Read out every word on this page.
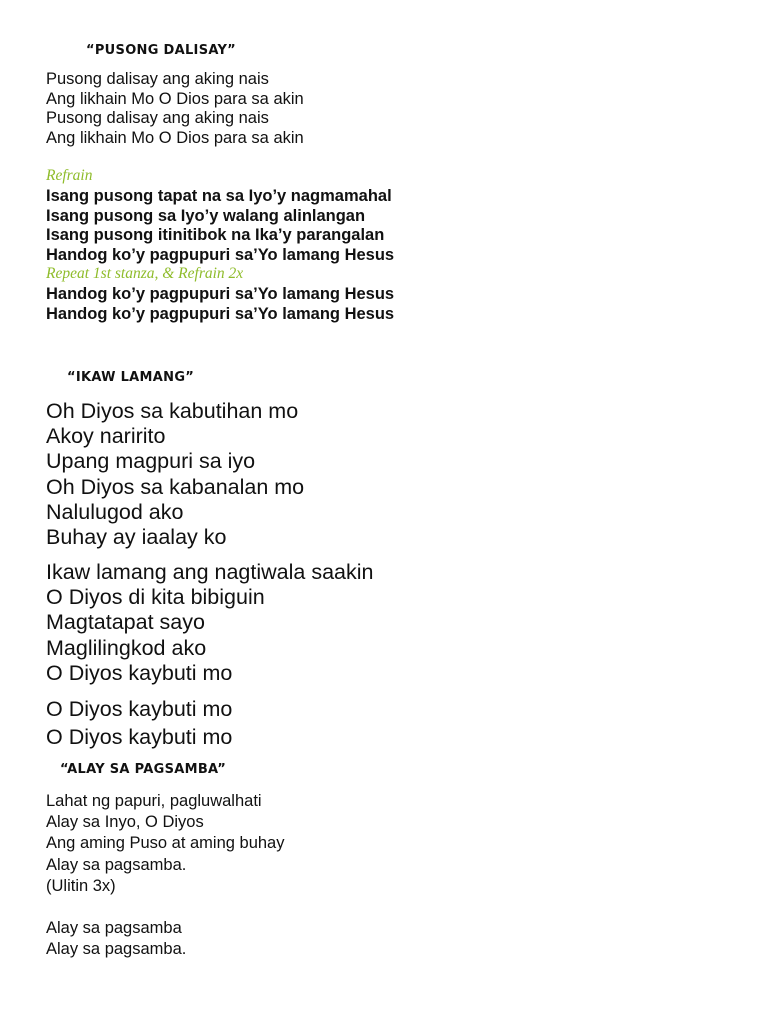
“PUSONG DALISAY”
Pusong dalisay ang aking nais
Ang likhain Mo O Dios para sa akin
Pusong dalisay ang aking nais
Ang likhain Mo O Dios para sa akin
Refrain
Isang pusong tapat na sa Iyo’y nagmamahal
Isang pusong sa Iyo’y walang alinlangan
Isang pusong itinitibok na Ika’y parangalan
Handog ko’y pagpupuri sa’Yo lamang Hesus
Repeat 1st stanza, & Refrain 2x
Handog ko’y pagpupuri sa’Yo lamang Hesus
Handog ko’y pagpupuri sa’Yo lamang Hesus
“IKAW LAMANG”
Oh Diyos sa kabutihan mo
Akoy naririto
Upang magpuri sa iyo
Oh Diyos sa kabanalan mo
Nalulugod ako
Buhay ay iaalay ko
Ikaw lamang ang nagtiwala saakin
O Diyos di kita bibiguin
Magtatapat sayo
Maglilingkod ako
O Diyos kaybuti mo
O Diyos kaybuti mo
O Diyos kaybuti mo
“ALAY SA PAGSAMBA”
Lahat ng papuri, pagluwalhati
Alay sa Inyo, O Diyos
Ang aming Puso at aming buhay
Alay sa pagsamba.
(Ulitin 3x)
Alay sa pagsamba
Alay sa pagsamba.
